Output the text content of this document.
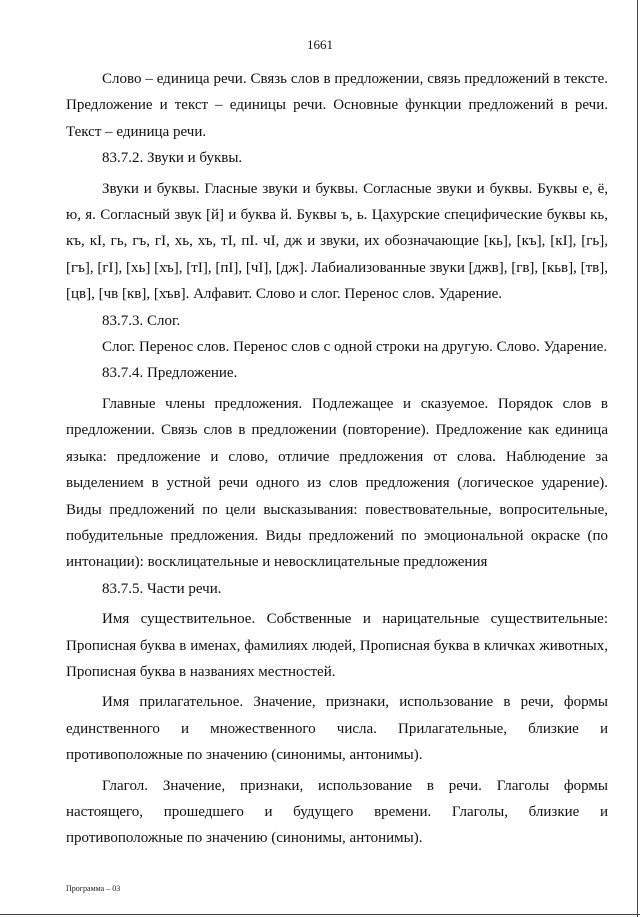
1661

Слово – единица речи. Связь слов в предложении, связь предложений в тексте. Предложение и текст – единицы речи. Основные функции предложений в речи. Текст – единица речи.

83.7.2. Звуки и буквы.

Звуки и буквы. Гласные звуки и буквы. Согласные звуки и буквы. Буквы е, ё, ю, я. Согласный звук [й] и буква й. Буквы ъ, ь. Цахурские специфические буквы кь, къ, кI, гь, гъ, гI, хь, хъ, тI, пI. чI, дж и звуки, их обозначающие [кь], [къ], [кI], [гь], [гъ], [гI], [хь] [хъ], [тI], [пI], [чI], [дж]. Лабиализованные звуки [джв], [гв], [кьв], [тв], [цв], [чв [кв], [хъв]. Алфавит. Слово и слог. Перенос слов. Ударение.

83.7.3. Слог.

Слог. Перенос слов. Перенос слов с одной строки на другую. Слово. Ударение.

83.7.4. Предложение.

Главные члены предложения. Подлежащее и сказуемое. Порядок слов в предложении. Связь слов в предложении (повторение). Предложение как единица языка: предложение и слово, отличие предложения от слова. Наблюдение за выделением в устной речи одного из слов предложения (логическое ударение). Виды предложений по цели высказывания: повествовательные, вопросительные, побудительные предложения. Виды предложений по эмоциональной окраске (по интонации): восклицательные и невосклицательные предложения

83.7.5. Части речи.

Имя существительное. Собственные и нарицательные существительные: Прописная буква в именах, фамилиях людей, Прописная буква в кличках животных, Прописная буква в названиях местностей.

Имя прилагательное. Значение, признаки, использование в речи, формы единственного и множественного числа. Прилагательные, близкие и противоположные по значению (синонимы, антонимы).

Глагол. Значение, признаки, использование в речи. Глаголы формы настоящего, прошедшего и будущего времени. Глаголы, близкие и противоположные по значению (синонимы, антонимы).

Программа – 03
